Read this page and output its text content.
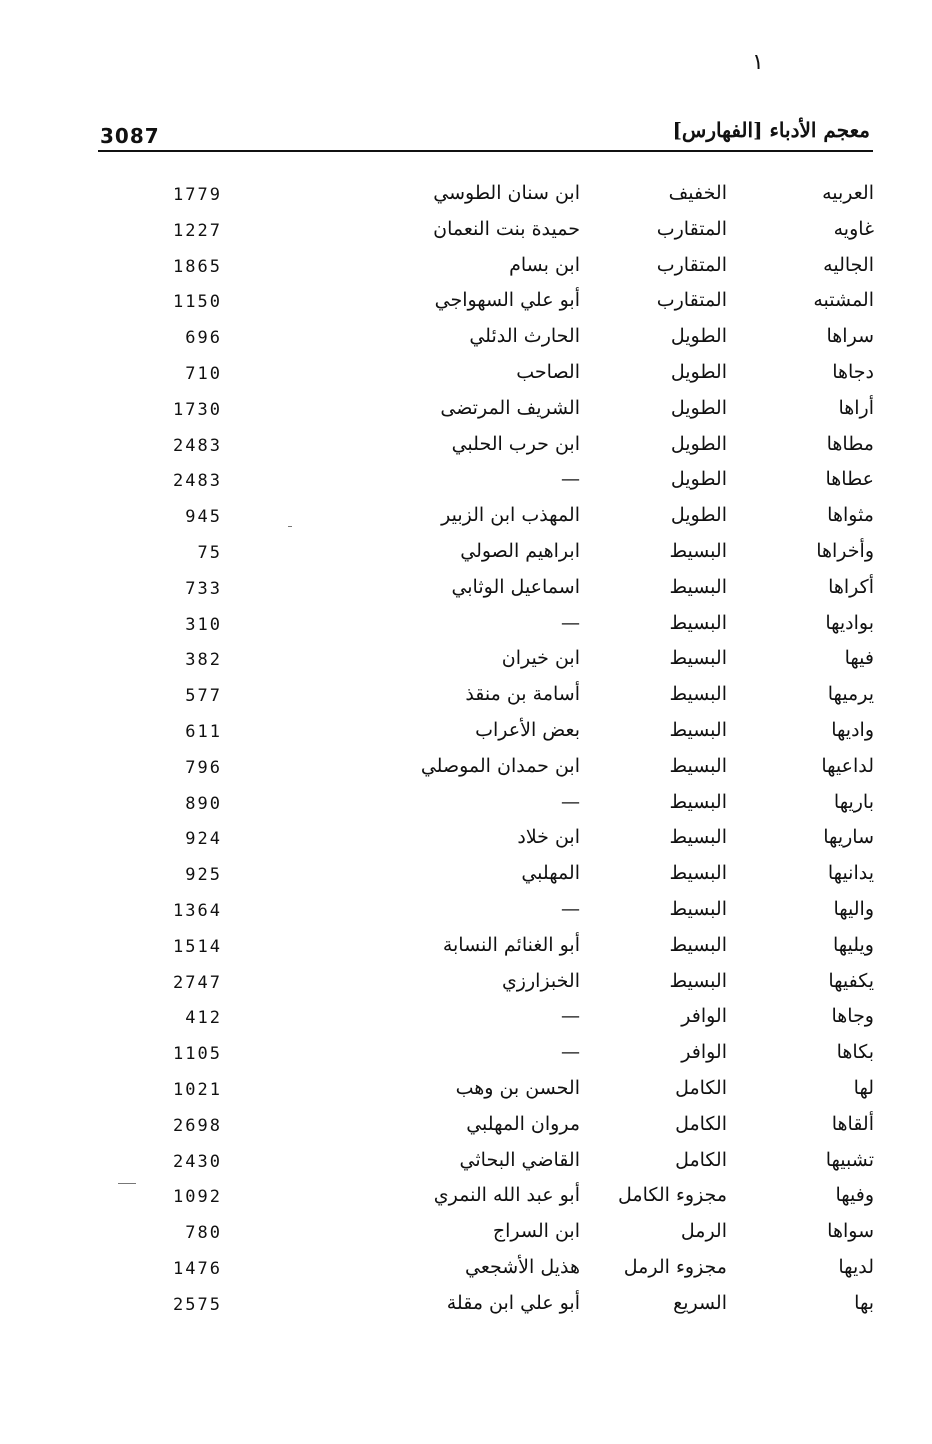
١
معجم الأدباء [الفهارس]
3087
العربيه
الخفيف
ابن سنان الطوسي
1779
غاويه
المتقارب
حميدة بنت النعمان
1227
الجاليه
المتقارب
ابن بسام
1865
المشتبه
المتقارب
أبو علي السهواجي
1150
سراها
الطويل
الحارث الدئلي
696
دجاها
الطويل
الصاحب
710
أراها
الطويل
الشريف المرتضى
1730
مطاها
الطويل
ابن حرب الحلبي
2483
عطاها
الطويل
—
2483
مثواها
الطويل
المهذب ابن الزبير
945
وأخراها
البسيط
ابراهيم الصولي
75
أكراها
البسيط
اسماعيل الوثابي
733
بواديها
البسيط
—
310
فيها
البسيط
ابن خيران
382
يرميها
البسيط
أسامة بن منقذ
577
واديها
البسيط
بعض الأعراب
611
لداعيها
البسيط
ابن حمدان الموصلي
796
باريها
البسيط
—
890
ساريها
البسيط
ابن خلاد
924
يدانيها
البسيط
المهلبي
925
واليها
البسيط
—
1364
ويليها
البسيط
أبو الغنائم النسابة
1514
يكفيها
البسيط
الخبزارزي
2747
وجاها
الوافر
—
412
بكاها
الوافر
—
1105
لها
الكامل
الحسن بن وهب
1021
ألقاها
الكامل
مروان المهلبي
2698
تشبيها
الكامل
القاضي البحاثي
2430
وفيها
مجزوء الكامل
أبو عبد الله النمري
1092
سواها
الرمل
ابن السراج
780
لديها
مجزوء الرمل
هذيل الأشجعي
1476
بها
السريع
أبو علي ابن مقلة
2575
